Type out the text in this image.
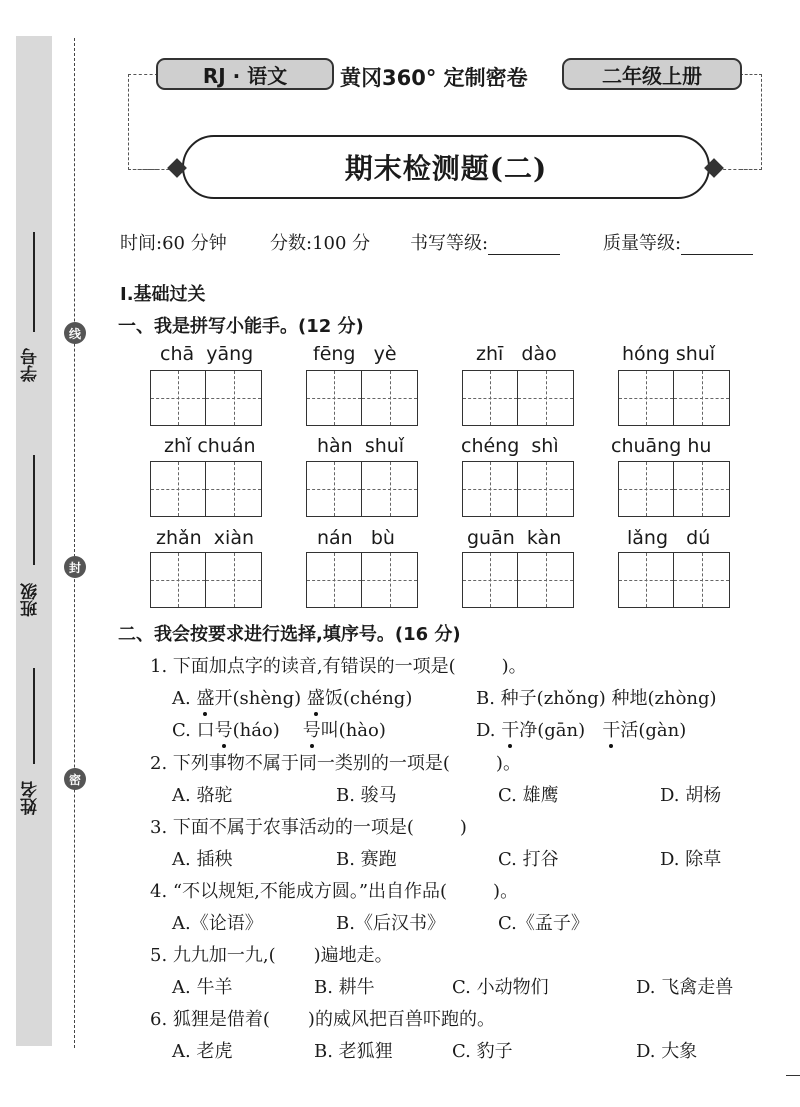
学号
班级
姓名
线
封
密
RJ · 语文	黄冈360° 定制密卷	二年级上册
期末检测题(二)
时间:60 分钟 分数:100 分 书写等级:	质量等级:
Ⅰ.基础过关
一、我是拼写小能手。(12 分)
chā yāng	fēng yè	zhī dào	hóng shuǐ
zhǐ chuán	hàn shuǐ	chéng shì	chuāng hu
zhǎn xiàn	nán bù	guān kàn	lǎng dú
二、我会按要求进行选择,填序号。(16 分)
1. 下面加点字的读音,有错误的一项是(	)。
A. 盛开(shèng) 盛饭(chéng)	B. 种子(zhǒng) 种地(zhòng)
C. 口号(háo) 号叫(hào)	D. 干净(gān) 干活(gàn)
2. 下列事物不属于同一类别的一项是(	)。
A. 骆驼	B. 骏马	C. 雄鹰	D. 胡杨
3. 下面不属于农事活动的一项是(	)
A. 插秧	B. 赛跑	C. 打谷	D. 除草
4. “不以规矩,不能成方圆。”出自作品(	)。
A.《论语》	B.《后汉书》	C.《孟子》
5. 九九加一九,( )遍地走。
A. 牛羊	B. 耕牛	C. 小动物们	D. 飞禽走兽
6. 狐狸是借着( )的威风把百兽吓跑的。
A. 老虎	B. 老狐狸	C. 豹子	D. 大象
